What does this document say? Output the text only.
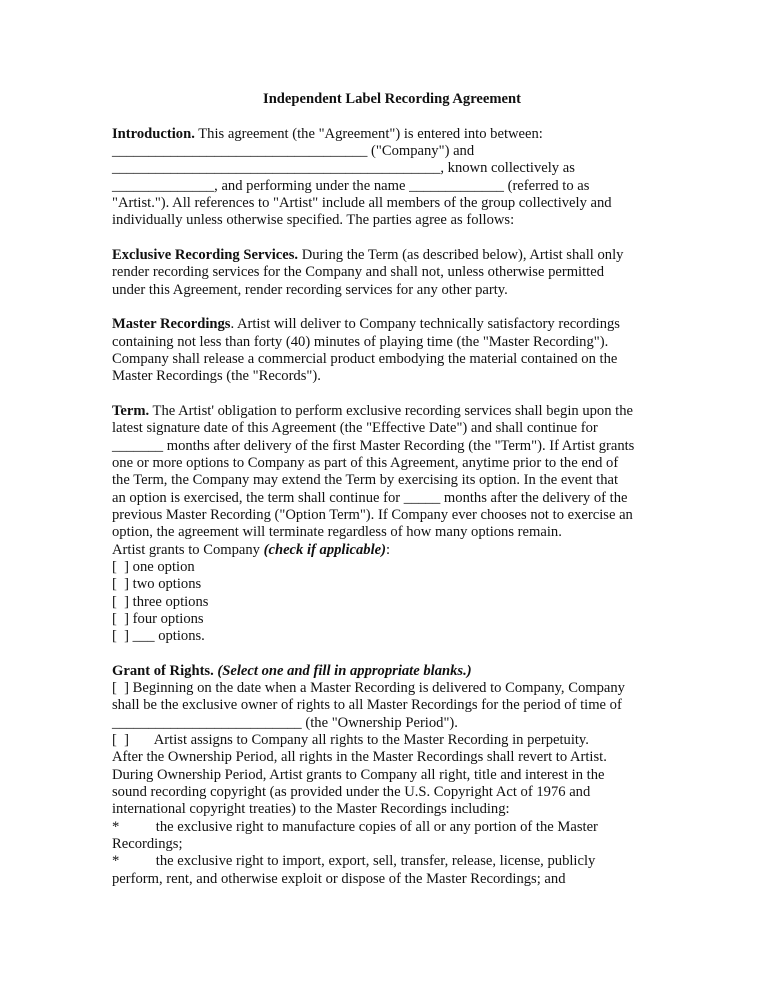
Independent Label Recording Agreement
Introduction. This agreement (the "Agreement") is entered into between:
___________________________________ ("Company") and
_____________________________________________, known collectively as
______________, and performing under the name _____________ (referred to as
"Artist."). All references to "Artist" include all members of the group collectively and
individually unless otherwise specified. The parties agree as follows:
Exclusive Recording Services. During the Term (as described below), Artist shall only
render recording services for the Company and shall not, unless otherwise permitted
under this Agreement, render recording services for any other party.
Master Recordings. Artist will deliver to Company technically satisfactory recordings
containing not less than forty (40) minutes of playing time (the "Master Recording").
Company shall release a commercial product embodying the material contained on the
Master Recordings (the "Records").
Term. The Artist' obligation to perform exclusive recording services shall begin upon the
latest signature date of this Agreement (the "Effective Date") and shall continue for
_______ months after delivery of the first Master Recording (the "Term"). If Artist grants
one or more options to Company as part of this Agreement, anytime prior to the end of
the Term, the Company may extend the Term by exercising its option. In the event that
an option is exercised, the term shall continue for _____ months after the delivery of the
previous Master Recording ("Option Term"). If Company ever chooses not to exercise an
option, the agreement will terminate regardless of how many options remain.
Artist grants to Company (check if applicable):
[  ] one option
[  ] two options
[  ] three options
[  ] four options
[  ] ___ options.
Grant of Rights. (Select one and fill in appropriate blanks.)
[  ] Beginning on the date when a Master Recording is delivered to Company, Company
shall be the exclusive owner of rights to all Master Recordings for the period of time of
__________________________ (the "Ownership Period").
[  ]       Artist assigns to Company all rights to the Master Recording in perpetuity.
After the Ownership Period, all rights in the Master Recordings shall revert to Artist.
During Ownership Period, Artist grants to Company all right, title and interest in the
sound recording copyright (as provided under the U.S. Copyright Act of 1976 and
international copyright treaties) to the Master Recordings including:
*          the exclusive right to manufacture copies of all or any portion of the Master
Recordings;
*          the exclusive right to import, export, sell, transfer, release, license, publicly
perform, rent, and otherwise exploit or dispose of the Master Recordings; and
